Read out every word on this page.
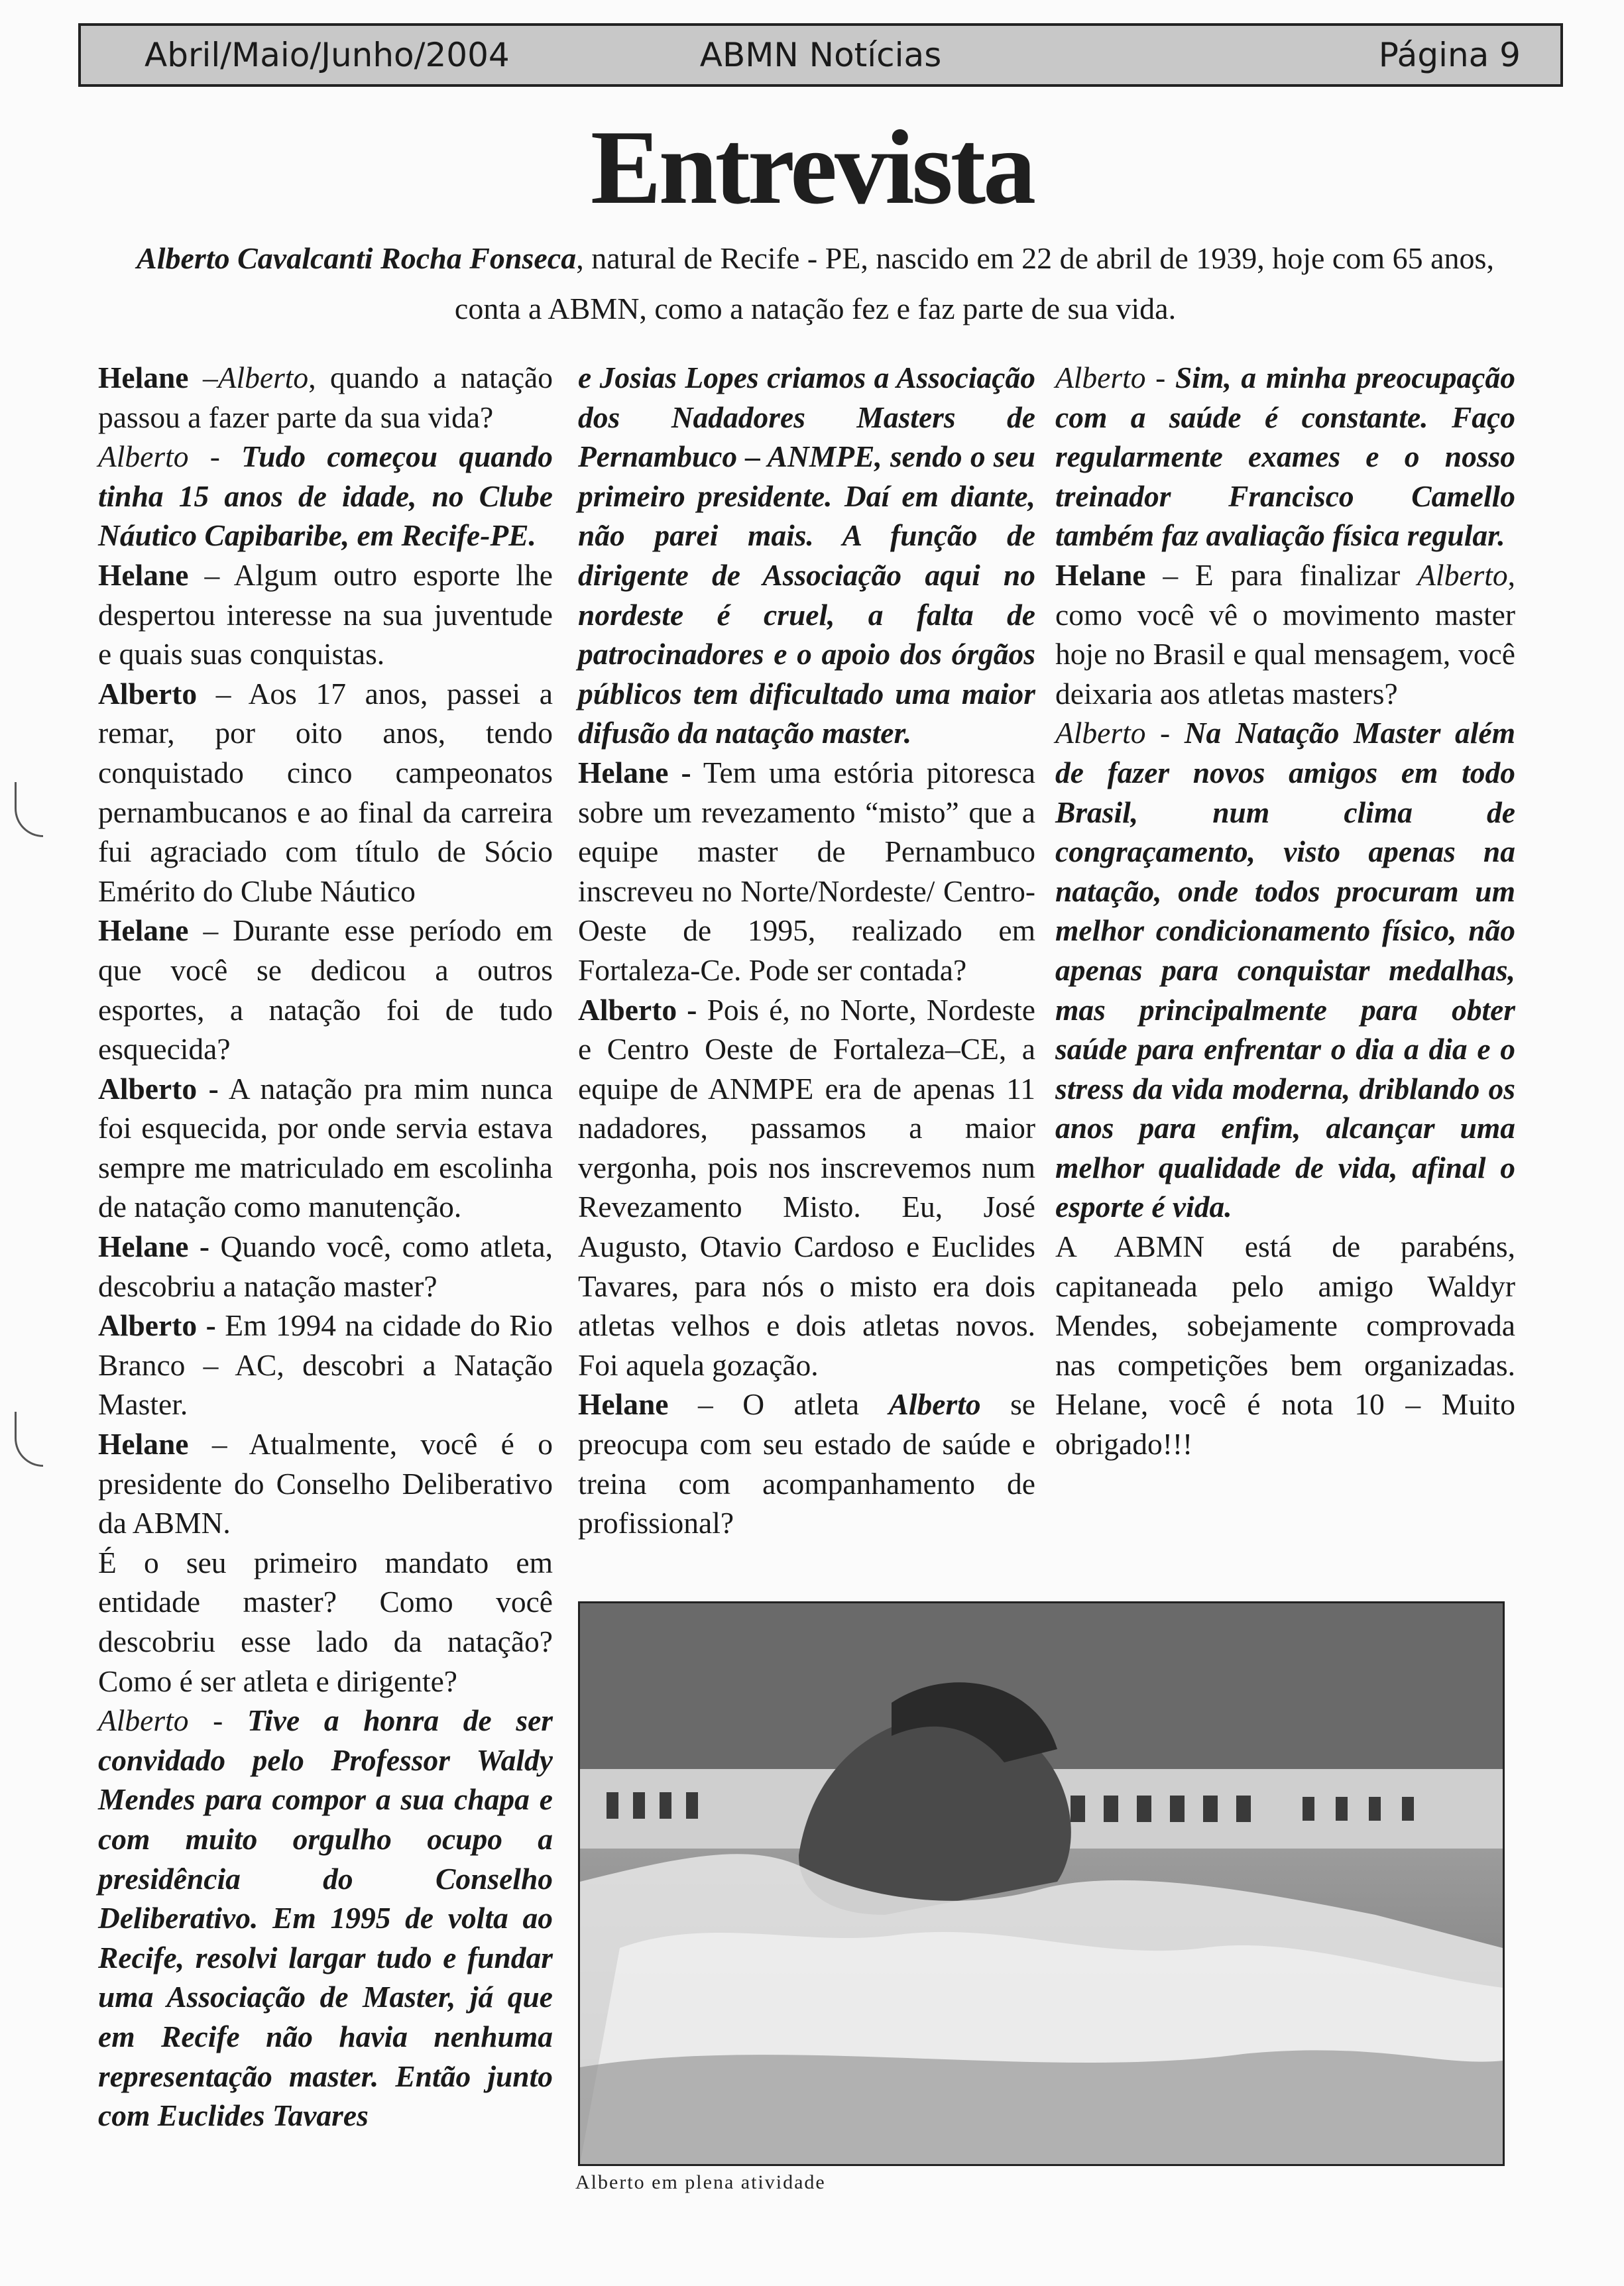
Abril/Maio/Junho/2004	ABMN Notícias	Página 9
Entrevista
Alberto Cavalcanti Rocha Fonseca, natural de Recife - PE, nascido em 22 de abril de 1939, hoje com 65 anos, conta a ABMN, como a natação fez e faz parte de sua vida.

Helane –Alberto, quando a natação passou a fazer parte da sua vida?

Alberto - Tudo começou quando tinha 15 anos de idade, no Clube Náutico Capibaribe, em Recife-PE.

Helane – Algum outro esporte lhe despertou interesse na sua juventude e quais suas conquistas.

Alberto – Aos 17 anos, passei a remar, por oito anos, tendo conquistado cinco campeonatos pernambucanos e ao final da carreira fui agraciado com título de Sócio Emérito do Clube Náutico

Helane – Durante esse período em que você se dedicou a outros esportes, a natação foi de tudo esquecida?

Alberto - A natação pra mim nunca foi esquecida, por onde servia estava sempre me matriculado em escolinha de natação como manutenção.

Helane - Quando você, como atleta, descobriu a natação master?

Alberto - Em 1994 na cidade do Rio Branco – AC, descobri a Natação Master.

Helane – Atualmente, você é o presidente do Conselho Deliberativo da ABMN.

É o seu primeiro mandato em entidade master? Como você descobriu esse lado da natação? Como é ser atleta e dirigente?

Alberto - Tive a honra de ser convidado pelo Professor Waldy Mendes para compor a sua chapa e com muito orgulho ocupo a presidência do Conselho Deliberativo. Em 1995 de volta ao Recife, resolvi largar tudo e fundar uma Associação de Master, já que em Recife não havia nenhuma representação master. Então junto com Euclides Tavares

e Josias Lopes criamos a Associação dos Nadadores Masters de Pernambuco – ANMPE, sendo o seu primeiro presidente. Daí em diante, não parei mais. A função de dirigente de Associação aqui no nordeste é cruel, a falta de patrocinadores e o apoio dos órgãos públicos tem dificultado uma maior difusão da natação master.

Helane - Tem uma estória pitoresca sobre um revezamento “misto” que a equipe master de Pernambuco inscreveu no Norte/Nordeste/ Centro-Oeste de 1995, realizado em Fortaleza-Ce. Pode ser contada?

Alberto - Pois é, no Norte, Nordeste e Centro Oeste de Fortaleza–CE, a equipe de ANMPE era de apenas 11 nadadores, passamos a maior vergonha, pois nos inscrevemos num Revezamento Misto. Eu, José Augusto, Otavio Cardoso e Euclides Tavares, para nós o misto era dois atletas velhos e dois atletas novos. Foi aquela gozação.

Helane – O atleta Alberto se preocupa com seu estado de saúde e treina com acompanhamento de profissional?

Alberto - Sim, a minha preocupação com a saúde é constante. Faço regularmente exames e o nosso treinador Francisco Camello também faz avaliação física regular.

Helane – E para finalizar Alberto, como você vê o movimento master hoje no Brasil e qual mensagem, você deixaria aos atletas masters?

Alberto - Na Natação Master além de fazer novos amigos em todo Brasil, num clima de congraçamento, visto apenas na natação, onde todos procuram um melhor condicionamento físico, não apenas para conquistar medalhas, mas principalmente para obter saúde para enfrentar o dia a dia e o stress da vida moderna, driblando os anos para enfim, alcançar uma melhor qualidade de vida, afinal o esporte é vida.

A ABMN está de parabéns, capitaneada pelo amigo Waldyr Mendes, sobejamente comprovada nas competições bem organizadas. Helane, você é nota 10 – Muito obrigado!!!

Alberto em plena atividade
